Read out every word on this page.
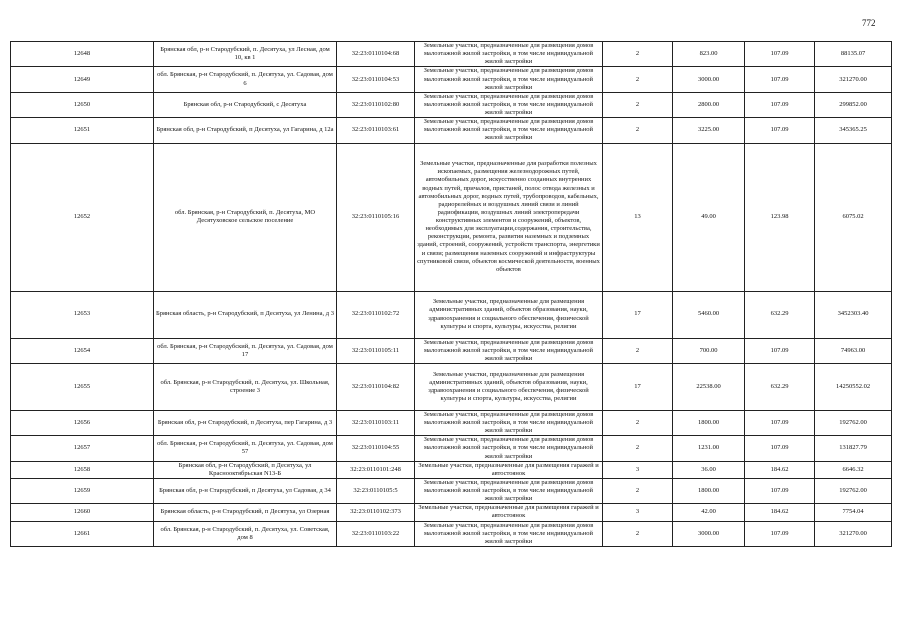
772
12648	Брянская обл, р-н Стародубский, п. Десятуха, ул Лесная, дом 10, кв 1	32:23:0110104:68	Земельные участки, предназначенные для размещения домов малоэтажной жилой застройки, в том числе индивидуальной жилой застройки	2	823.00	107.09	88135.07
12649	обл. Брянская, р-н Стародубский, п. Десятуха, ул. Садовая, дом 6	32:23:0110104:53	Земельные участки, предназначенные для размещения домов малоэтажной жилой застройки, в том числе индивидуальной жилой застройки	2	3000.00	107.09	321270.00
12650	Брянская обл, р-н Стародубский, с Десятуха	32:23:0110102:80	Земельные участки, предназначенные для размещения домов малоэтажной жилой застройки, в том числе индивидуальной жилой застройки	2	2800.00	107.09	299852.00
12651	Брянская обл, р-н Стародубский, п Десятуха, ул Гагарина, д 12а	32:23:0110103:61	Земельные участки, предназначенные для размещения домов малоэтажной жилой застройки, в том числе индивидуальной жилой застройки	2	3225.00	107.09	345365.25
12652	обл. Брянская, р-н Стародубский, п. Десятуха, МО Десятуховское сельское поселение	32:23:0110105:16	Земельные участки, предназначенные для разработки полезных ископаемых, размещения железнодорожных путей, автомобильных дорог, искусственно созданных внутренних водных путей, причалов, пристаней, полос отвода железных и автомобильных дорог, водных путей, трубопроводов, кабельных, радиорелейных и воздушных линий связи и линий радиофикации, воздушных линий электропередачи конструктивных элементов и сооружений, объектов, необходимых для эксплуатации,содержания, строительства, реконструкции, ремонта, развития наземных и подземных зданий, строений, сооружений, устройств транспорта, энергетики и связи; размещения наземных сооружений и инфраструктуры спутниковой связи, объектов космической деятельности, военных объектов	13	49.00	123.98	6075.02
12653	Брянская область, р-н Стародубский, п Десятуха, ул Ленина, д 3	32:23:0110102:72	Земельные участки, предназначенные для размещения административных зданий, объектов образования, науки, здравоохранения и социального обеспечения, физической культуры и спорта, культуры, искусства, религии	17	5460.00	632.29	3452303.40
12654	обл. Брянская, р-н Стародубский, п. Десятуха, ул. Садовая, дом 17	32:23:0110105:11	Земельные участки, предназначенные для размещения домов малоэтажной жилой застройки, в том числе индивидуальной жилой застройки	2	700.00	107.09	74963.00
12655	обл. Брянская, р-н Стародубский, п. Десятуха, ул. Школьная, строение 3	32:23:0110104:82	Земельные участки, предназначенные для размещения административных зданий, объектов образования, науки, здравоохранения и социального обеспечения, физической культуры и спорта, культуры, искусства, религии	17	22538.00	632.29	14250552.02
12656	Брянская обл, р-н Стародубский, п Десятуха, пер Гагарина, д 3	32:23:0110103:11	Земельные участки, предназначенные для размещения домов малоэтажной жилой застройки, в том числе индивидуальной жилой застройки	2	1800.00	107.09	192762.00
12657	обл. Брянская, р-н Стародубский, п. Десятуха, ул. Садовая, дом 57	32:23:0110104:55	Земельные участки, предназначенные для размещения домов малоэтажной жилой застройки, в том числе индивидуальной жилой застройки	2	1231.00	107.09	131827.79
12658	Брянская обл, р-н Стародубский, п Десятуха, ул Красноoктябрьская N13-Б	32:23:0110101:248	Земельные участки, предназначенные для размещения гаражей и автостоянок	3	36.00	184.62	6646.32
12659	Брянская обл, р-н Стародубский, п Десятуха, ул Садовая, д 34	32:23:0110105:5	Земельные участки, предназначенные для размещения домов малоэтажной жилой застройки, в том числе индивидуальной жилой застройки	2	1800.00	107.09	192762.00
12660	Брянская область, р-н Стародубский, п Десятуха, ул Озерная	32:23:0110102:373	Земельные участки, предназначенные для размещения гаражей и автостоянок	3	42.00	184.62	7754.04
12661	обл. Брянская, р-н Стародубский, п. Десятуха, ул. Советская, дом 8	32:23:0110103:22	Земельные участки, предназначенные для размещения домов малоэтажной жилой застройки, в том числе индивидуальной жилой застройки	2	3000.00	107.09	321270.00
